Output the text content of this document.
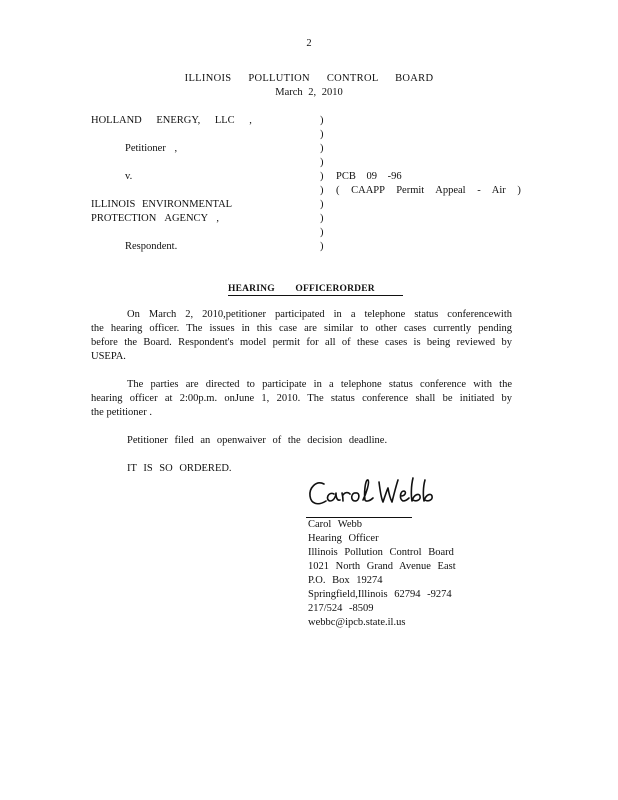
2
ILLINOIS POLLUTION CONTROL BOARD
March 2, 2010
HOLLAND ENERGY, LLC ,
Petitioner ,
v.
ILLINOIS ENVIRONMENTAL
PROTECTION AGENCY ,
Respondent.
)
)
)
)
)
)
)
)
)
)
PCB 09 -96
( CAAPP Permit Appeal - Air )
HEARING OFFICERORDER
On March 2, 2010,petitioner participated in a telephone status conferencewith
the hearing officer. The issues in this case are similar to other cases currently pending
before the Board. Respondent's model permit for all of these cases is being reviewed by
USEPA.
The parties are directed to participate in a telephone status conference with the
hearing officer at 2:00p.m. onJune 1, 2010. The status conference shall be initiated by
the petitioner .
Petitioner filed an openwaiver of the decision deadline.
IT IS SO ORDERED.
Carol Webb
Hearing Officer
Illinois Pollution Control Board
1021 North Grand Avenue East
P.O. Box 19274
Springfield,Illinois 62794 -9274
217/524 -8509
webbc@ipcb.state.il.us
